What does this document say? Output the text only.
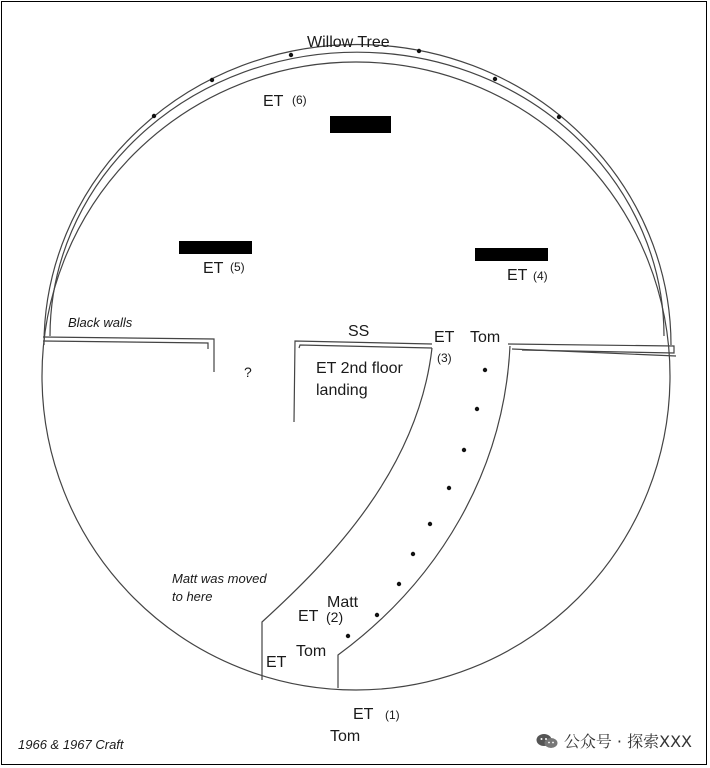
Willow Tree
ET (6)
ET (5)	ET (4)
Black walls
?
SS
ET 2nd floor
landing
ET
(3)
Tom
Matt was moved
to here	Matt
ET (2)
Tom
ET
ET (1)
Tom
1966 & 1967 Craft	公众号 · 探索XXX
